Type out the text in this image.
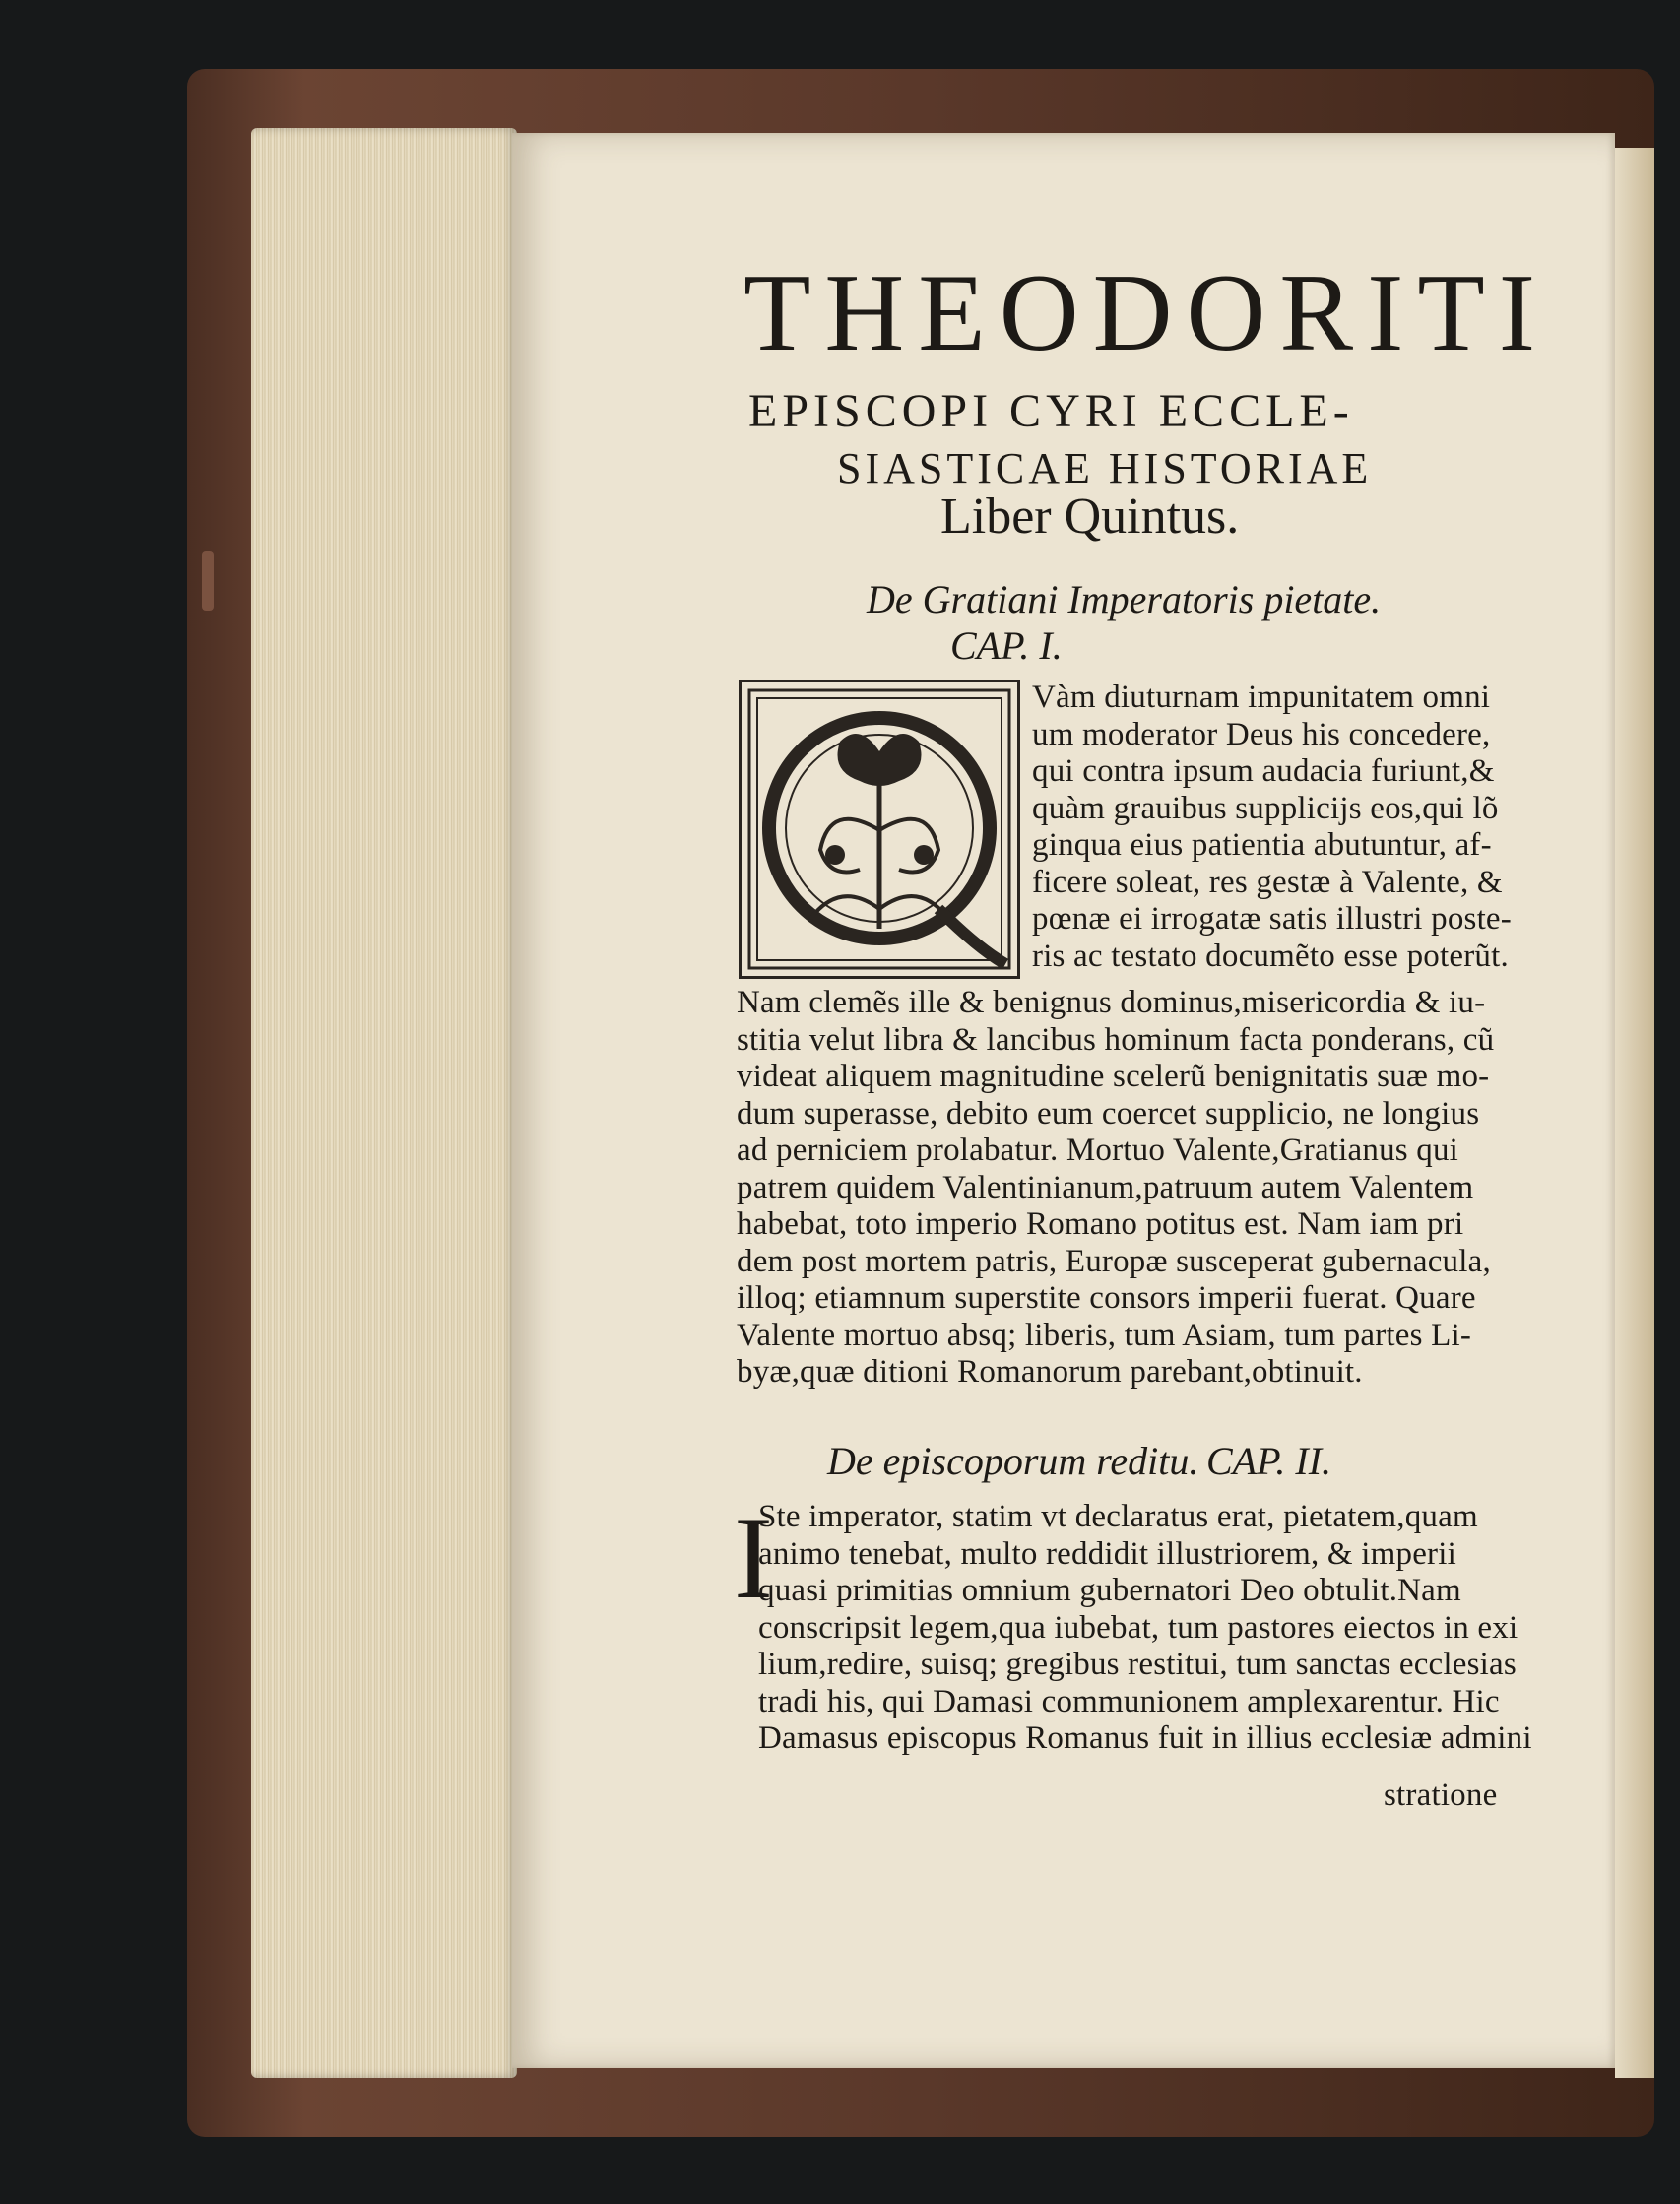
THEODORITI
EPISCOPI CYRI ECCLE-
SIASTICAE HISTORIAE
Liber Quintus.
De Gratiani Imperatoris pietate.
CAP. I.
Vàm diuturnam impunitatem omni
um moderator Deus his concedere,
qui contra ipsum audacia furiunt,&
quàm grauibus supplicijs eos,qui lõ
ginqua eius patientia abutuntur, af-
ficere soleat, res gestæ à Valente, &
pœnæ ei irrogatæ satis illustri poste-
ris ac testato documẽto esse poterũt.
Nam clemẽs ille & benignus dominus,misericordia & iu-
stitia velut libra & lancibus hominum facta ponderans, cũ
videat aliquem magnitudine scelerũ benignitatis suæ mo-
dum superasse, debito eum coercet supplicio, ne longius
ad perniciem prolabatur. Mortuo Valente,Gratianus qui
patrem quidem Valentinianum,patruum autem Valentem
habebat, toto imperio Romano potitus est. Nam iam pri
dem post mortem patris, Europæ susceperat gubernacula,
illoq; etiamnum superstite consors imperii fuerat. Quare
Valente mortuo absq; liberis, tum Asiam, tum partes Li-
byæ,quæ ditioni Romanorum parebant,obtinuit.
De episcoporum reditu. CAP. II.
I
Ste imperator, statim vt declaratus erat, pietatem,quam
animo tenebat, multo reddidit illustriorem, & imperii
quasi primitias omnium gubernatori Deo obtulit.Nam
conscripsit legem,qua iubebat, tum pastores eiectos in exi
lium,redire, suisq; gregibus restitui, tum sanctas ecclesias
tradi his, qui Damasi communionem amplexarentur. Hic
Damasus episcopus Romanus fuit in illius ecclesiæ admini
stratione
